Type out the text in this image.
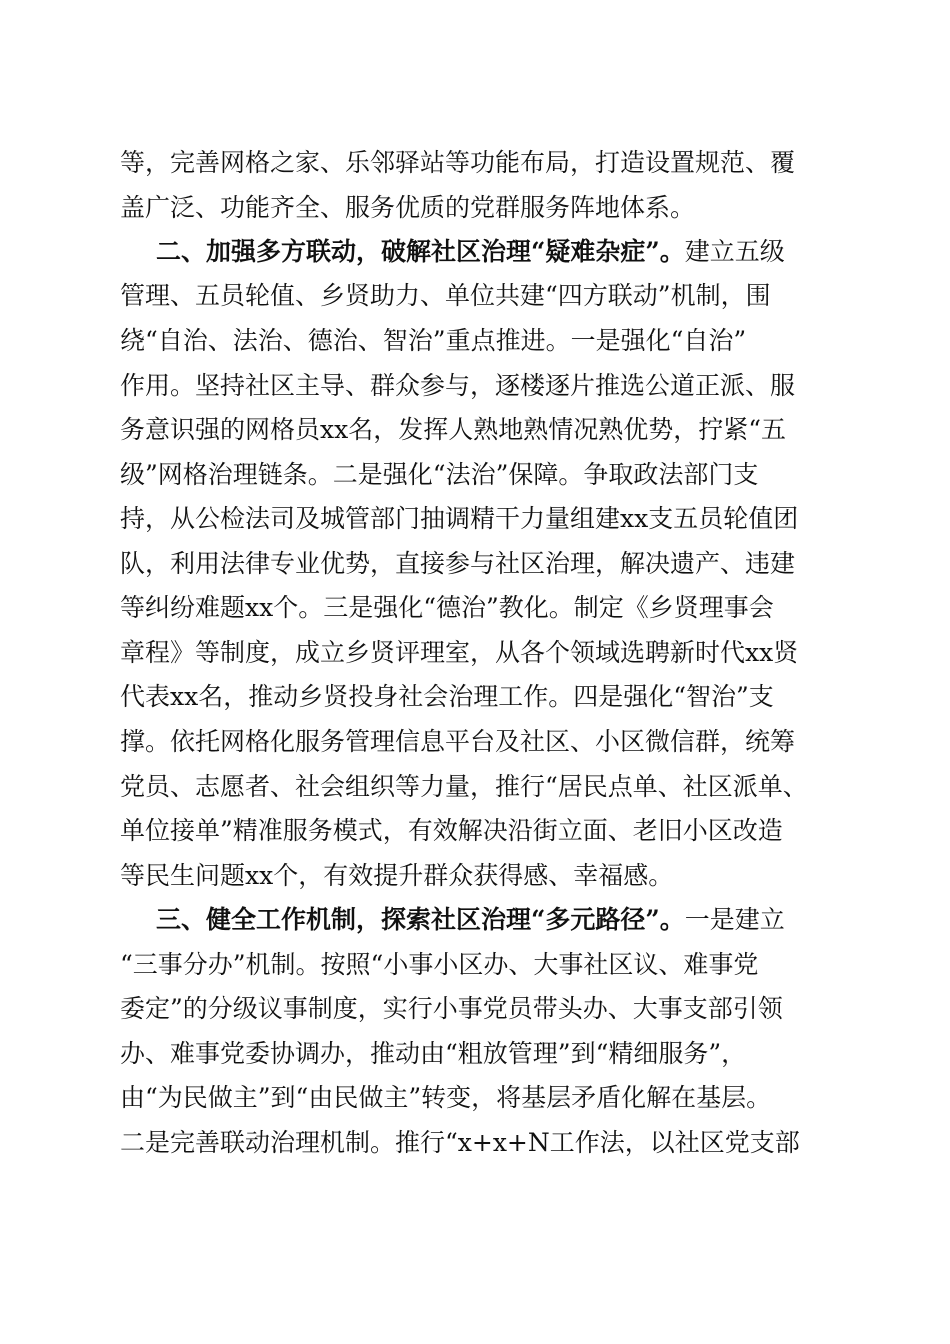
等，完善网格之家、乐邻驿站等功能布局，打造设置规范、覆
盖广泛、功能齐全、服务优质的党群服务阵地体系。
二、加强多方联动，破解社区治理“疑难杂症”。建立五级
管理、五员轮值、乡贤助力、单位共建“四方联动”机制，围
绕“自治、法治、德治、智治”重点推进。一是强化“自治”
作用。坚持社区主导、群众参与，逐楼逐片推选公道正派、服
务意识强的网格员xx名，发挥人熟地熟情况熟优势，拧紧“五
级”网格治理链条。二是强化“法治”保障。争取政法部门支
持，从公检法司及城管部门抽调精干力量组建xx支五员轮值团
队，利用法律专业优势，直接参与社区治理，解决遗产、违建
等纠纷难题xx个。三是强化“德治”教化。制定《乡贤理事会
章程》等制度，成立乡贤评理室，从各个领域选聘新时代xx贤
代表xx名，推动乡贤投身社会治理工作。四是强化“智治”支
撑。依托网格化服务管理信息平台及社区、小区微信群，统筹
党员、志愿者、社会组织等力量，推行“居民点单、社区派单、
单位接单”精准服务模式，有效解决沿街立面、老旧小区改造
等民生问题xx个，有效提升群众获得感、幸福感。
三、健全工作机制，探索社区治理“多元路径”。一是建立
“三事分办”机制。按照“小事小区办、大事社区议、难事党
委定”的分级议事制度，实行小事党员带头办、大事支部引领
办、难事党委协调办，推动由“粗放管理”到“精细服务”，
由“为民做主”到“由民做主”转变，将基层矛盾化解在基层。
二是完善联动治理机制。推行“x+x+N工作法，以社区党支部
